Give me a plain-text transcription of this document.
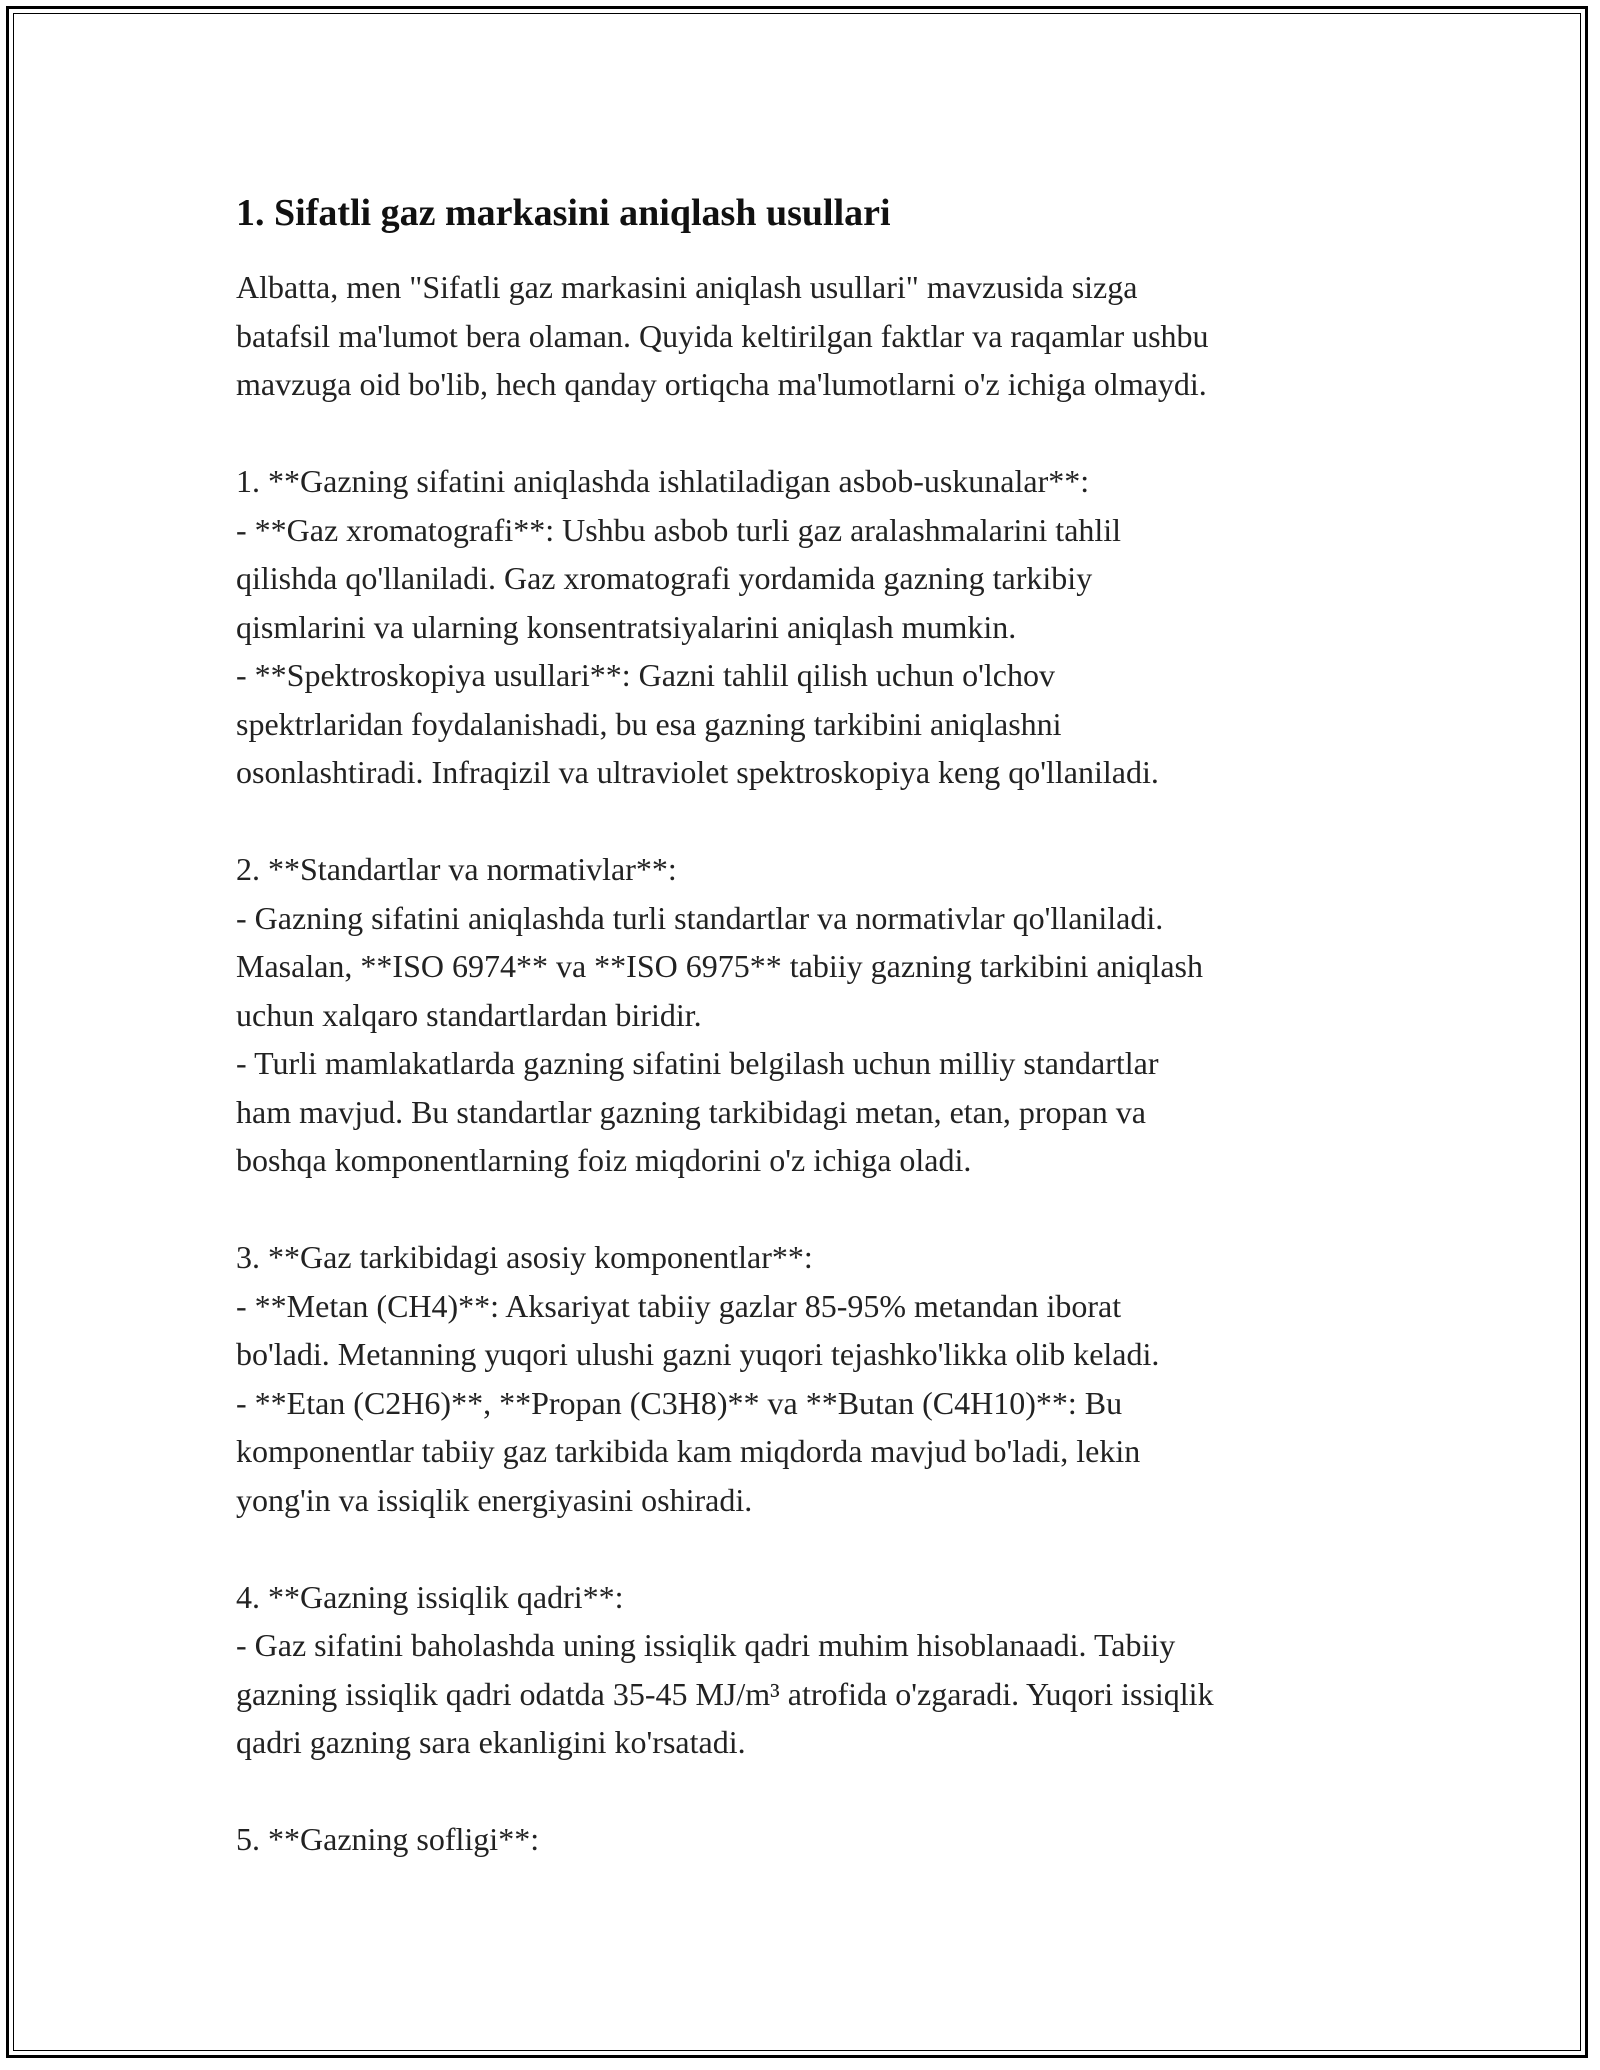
1. Sifatli gaz markasini aniqlash usullari

Albatta, men "Sifatli gaz markasini aniqlash usullari" mavzusida sizga
batafsil ma'lumot bera olaman. Quyida keltirilgan faktlar va raqamlar ushbu
mavzuga oid bo'lib, hech qanday ortiqcha ma'lumotlarni o'z ichiga olmaydi.

1. **Gazning sifatini aniqlashda ishlatiladigan asbob-uskunalar**:

- **Gaz xromatografi**: Ushbu asbob turli gaz aralashmalarini tahlil
qilishda qo'llaniladi. Gaz xromatografi yordamida gazning tarkibiy
qismlarini va ularning konsentratsiyalarini aniqlash mumkin.
- **Spektroskopiya usullari**: Gazni tahlil qilish uchun o'lchov
spektrlaridan foydalanishadi, bu esa gazning tarkibini aniqlashni
osonlashtiradi. Infraqizil va ultraviolet spektroskopiya keng qo'llaniladi.

2. **Standartlar va normativlar**:

- Gazning sifatini aniqlashda turli standartlar va normativlar qo'llaniladi.
Masalan, **ISO 6974** va **ISO 6975** tabiiy gazning tarkibini aniqlash
uchun xalqaro standartlardan biridir.
- Turli mamlakatlarda gazning sifatini belgilash uchun milliy standartlar
ham mavjud. Bu standartlar gazning tarkibidagi metan, etan, propan va
boshqa komponentlarning foiz miqdorini o'z ichiga oladi.

3. **Gaz tarkibidagi asosiy komponentlar**:

- **Metan (CH4)**: Aksariyat tabiiy gazlar 85-95% metandan iborat
bo'ladi. Metanning yuqori ulushi gazni yuqori tejashko'likka olib keladi.
- **Etan (C2H6)**, **Propan (C3H8)** va **Butan (C4H10)**: Bu
komponentlar tabiiy gaz tarkibida kam miqdorda mavjud bo'ladi, lekin
yong'in va issiqlik energiyasini oshiradi.

4. **Gazning issiqlik qadri**:

- Gaz sifatini baholashda uning issiqlik qadri muhim hisoblanaadi. Tabiiy
gazning issiqlik qadri odatda 35-45 MJ/m³ atrofida o'zgaradi. Yuqori issiqlik
qadri gazning sara ekanligini ko'rsatadi.

5. **Gazning sofligi**:
